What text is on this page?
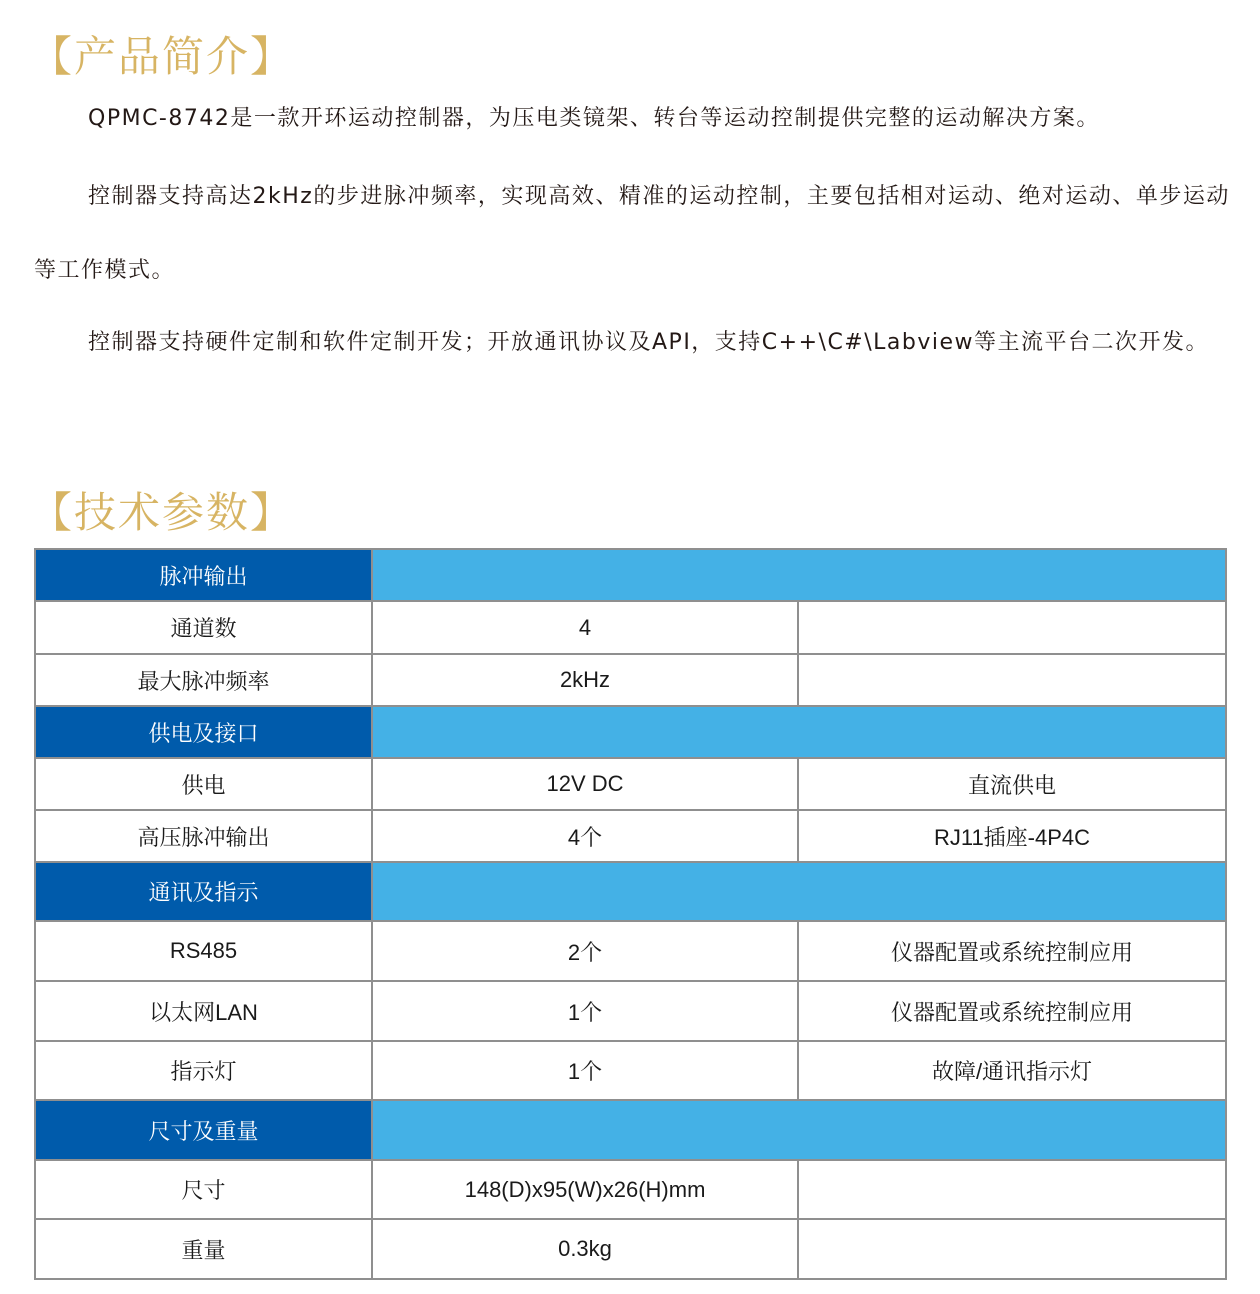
【产品简介】
QPMC-8742是一款开环运动控制器，为压电类镜架、转台等运动控制提供完整的运动解决方案。
控制器支持高达2kHz的步进脉冲频率，实现高效、精准的运动控制，主要包括相对运动、绝对运动、单步运动等工作模式。
控制器支持硬件定制和软件定制开发；开放通讯协议及API，支持C++\C#\Labview等主流平台二次开发。
【技术参数】
脉冲输出		
通道数	4	
最大脉冲频率	2kHz	
供电及接口		
供电	12V DC	直流供电
高压脉冲输出	4个	RJ11插座-4P4C
通讯及指示		
RS485	2个	仪器配置或系统控制应用
以太网LAN	1个	仪器配置或系统控制应用
指示灯	1个	故障/通讯指示灯
尺寸及重量		
尺寸	148(D)x95(W)x26(H)mm	
重量	0.3kg	
